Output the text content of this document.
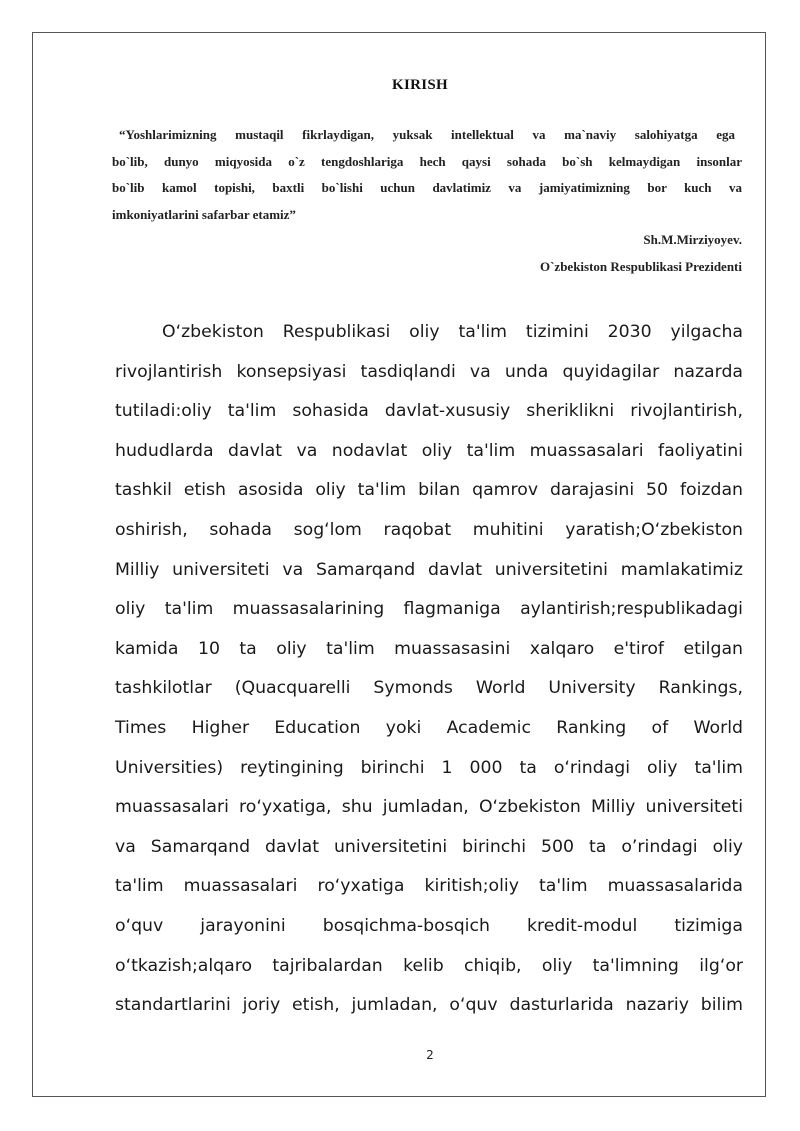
KIRISH
“Yoshlarimizning mustaqil fikrlaydigan, yuksak intellektual va ma`naviy salohiyatga ega
bo`lib, dunyo miqyosida o`z tengdoshlariga hech qaysi sohada bo`sh kelmaydigan insonlar
bo`lib kamol topishi, baxtli bo`lishi uchun davlatimiz va jamiyatimizning bor kuch va
imkoniyatlarini safarbar etamiz”
Sh.M.Mirziyoyev.
O`zbekiston Respublikasi Prezidenti
O‘zbekiston Respublikasi oliy ta'lim tizimini 2030 yilgacha
rivojlantirish konsepsiyasi tasdiqlandi va unda quyidagilar nazarda
tutiladi:oliy ta'lim sohasida davlat-xususiy sheriklikni rivojlantirish,
hududlarda davlat va nodavlat oliy ta'lim muassasalari faoliyatini
tashkil etish asosida oliy ta'lim bilan qamrov darajasini 50 foizdan
oshirish, sohada sog‘lom raqobat muhitini yaratish;O‘zbekiston
Milliy universiteti va Samarqand davlat universitetini mamlakatimiz
oliy ta'lim muassasalarining flagmaniga aylantirish;respublikadagi
kamida 10 ta oliy ta'lim muassasasini xalqaro e'tirof etilgan
tashkilotlar (Quacquarelli Symonds World University Rankings,
Times Higher Education yoki Academic Ranking of World
Universities) reytingining birinchi 1 000 ta o‘rindagi oliy ta'lim
muassasalari ro‘yxatiga, shu jumladan, O‘zbekiston Milliy universiteti
va Samarqand davlat universitetini birinchi 500 ta o’rindagi oliy
ta'lim muassasalari ro‘yxatiga kiritish;oliy ta'lim muassasalarida
o‘quv jarayonini bosqichma-bosqich kredit-modul tizimiga
o‘tkazish;alqaro tajribalardan kelib chiqib, oliy ta'limning ilg‘or
standartlarini joriy etish, jumladan, o‘quv dasturlarida nazariy bilim
2
